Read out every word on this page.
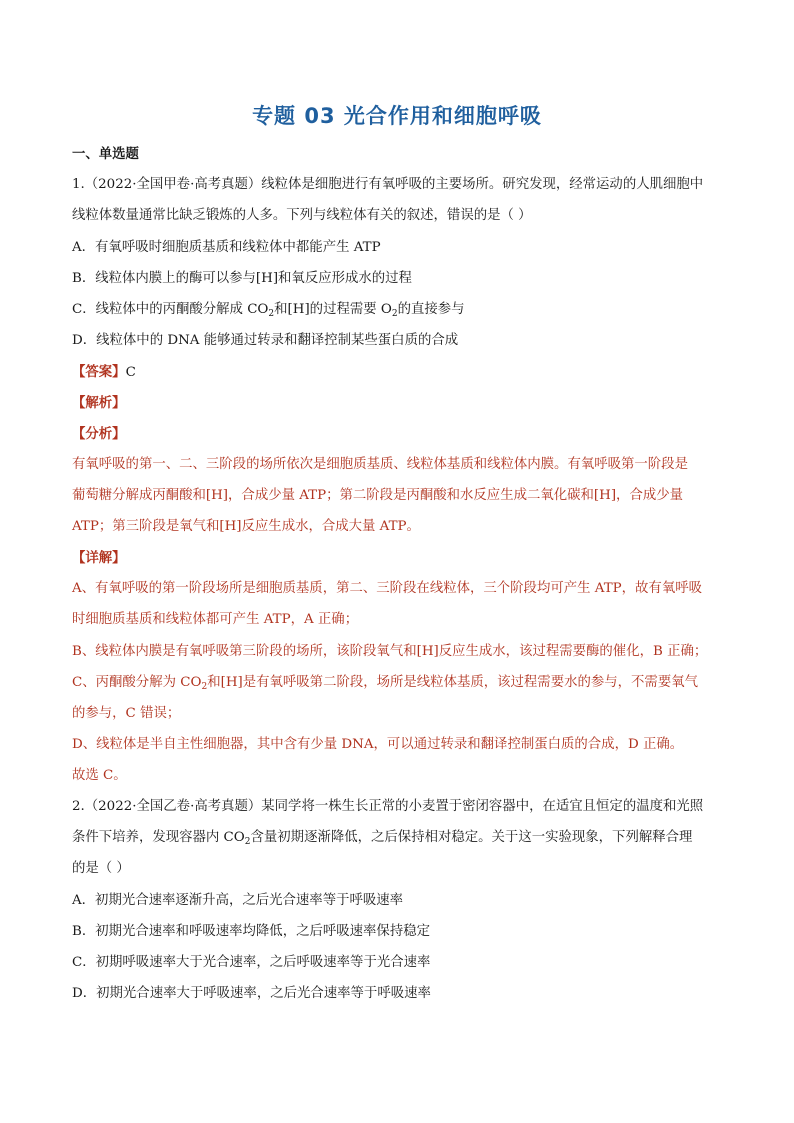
专题 03 光合作用和细胞呼吸
一、单选题
1.（2022·全国甲卷·高考真题）线粒体是细胞进行有氧呼吸的主要场所。研究发现，经常运动的人肌细胞中
线粒体数量通常比缺乏锻炼的人多。下列与线粒体有关的叙述，错误的是（ ）
A．有氧呼吸时细胞质基质和线粒体中都能产生 ATP
B．线粒体内膜上的酶可以参与[H]和氧反应形成水的过程
C．线粒体中的丙酮酸分解成 $CO_2$和[H]的过程需要 $O_2$的直接参与
D．线粒体中的 DNA 能够通过转录和翻译控制某些蛋白质的合成
【答案】C
【解析】
【分析】
有氧呼吸的第一、二、三阶段的场所依次是细胞质基质、线粒体基质和线粒体内膜。有氧呼吸第一阶段是
葡萄糖分解成丙酮酸和[H]，合成少量 ATP；第二阶段是丙酮酸和水反应生成二氧化碳和[H]，合成少量
ATP；第三阶段是氧气和[H]反应生成水，合成大量 ATP。
【详解】
A、有氧呼吸的第一阶段场所是细胞质基质，第二、三阶段在线粒体，三个阶段均可产生 ATP，故有氧呼吸
时细胞质基质和线粒体都可产生 ATP，A 正确；
B、线粒体内膜是有氧呼吸第三阶段的场所，该阶段氧气和[H]反应生成水，该过程需要酶的催化，B 正确；
C、丙酮酸分解为 $CO_2$和[H]是有氧呼吸第二阶段，场所是线粒体基质，该过程需要水的参与，不需要氧气
的参与，C 错误；
D、线粒体是半自主性细胞器，其中含有少量 DNA，可以通过转录和翻译控制蛋白质的合成，D 正确。
故选 C。
2.（2022·全国乙卷·高考真题）某同学将一株生长正常的小麦置于密闭容器中，在适宜且恒定的温度和光照
条件下培养，发现容器内 $CO_2$含量初期逐渐降低，之后保持相对稳定。关于这一实验现象，下列解释合理
的是（ ）
A．初期光合速率逐渐升高，之后光合速率等于呼吸速率
B．初期光合速率和呼吸速率均降低，之后呼吸速率保持稳定
C．初期呼吸速率大于光合速率，之后呼吸速率等于光合速率
D．初期光合速率大于呼吸速率，之后光合速率等于呼吸速率
